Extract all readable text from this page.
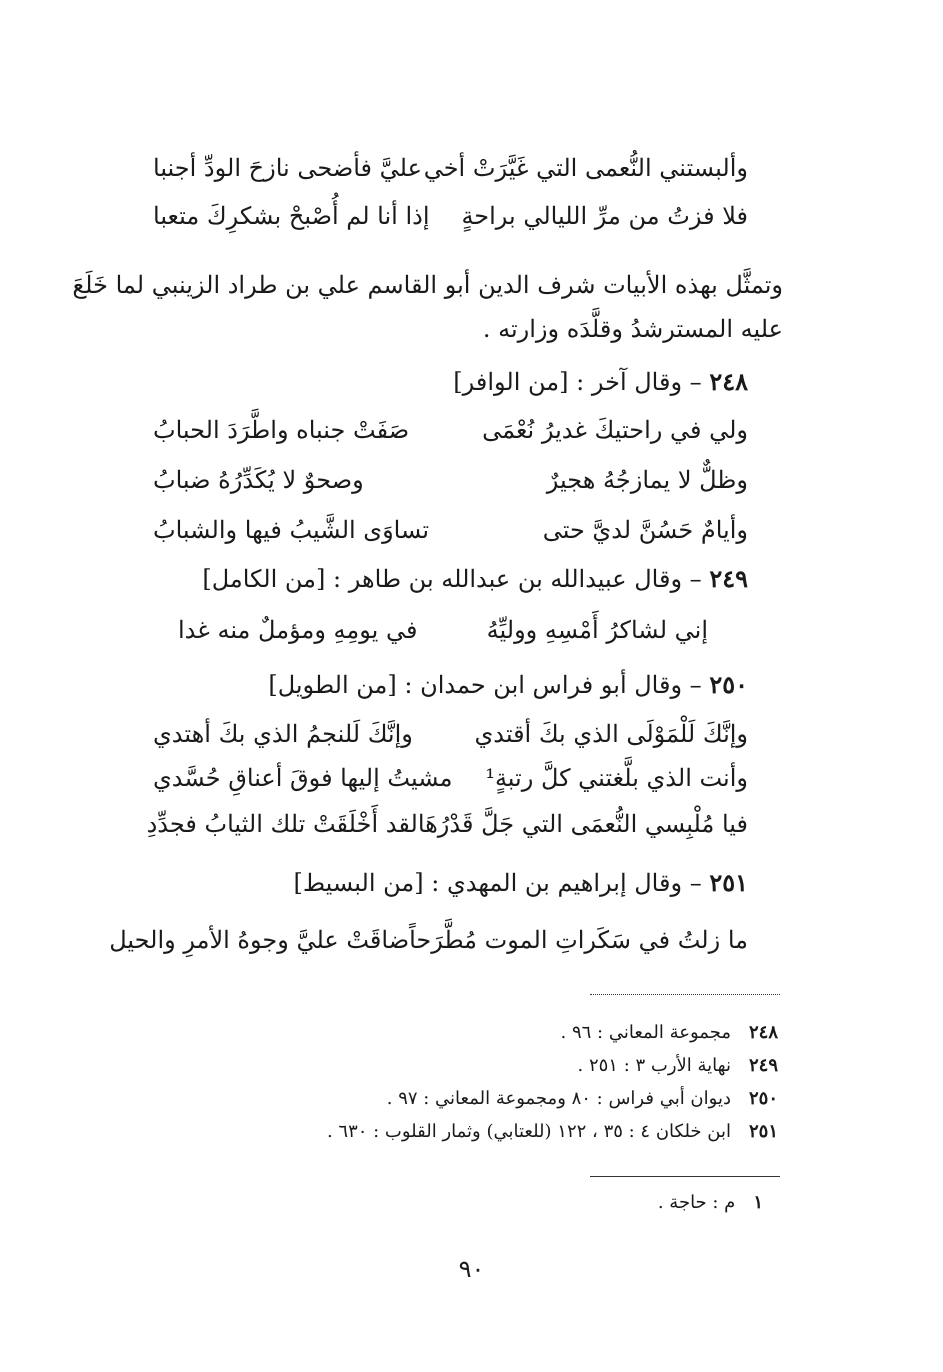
وألبستني النُّعمى التي غَيَّرَتْ أخي
عليَّ فأضحى نازحَ الودِّ أجنبا
فلا فزتُ من مرِّ الليالي براحةٍ
إذا أنا لم أُصْبحْ بشكرِكَ متعبا
وتمثَّل بهذه الأبيات شرف الدين أبو القاسم علي بن طراد الزينبي لما خَلَعَ
عليه المسترشدُ وقلَّدَه وزارته .
٢٤٨ – وقال آخر : [من الوافر]
ولي في راحتيكَ غديرُ نُعْمَى
صَفَتْ جنباه واطَّرَدَ الحبابُ
وظلٌّ لا يمازجُهُ هجيرٌ
وصحوٌ لا يُكَدِّرُهُ ضبابُ
وأيامٌ حَسُنَّ لديَّ حتى
تساوَى الشَّيبُ فيها والشبابُ
٢٤٩ – وقال عبيدالله بن عبدالله بن طاهر : [من الكامل]
إني لشاكرُ أَمْسِهِ ووليِّهُ
في يومِهِ ومؤملٌ منه غدا
٢٥٠ – وقال أبو فراس ابن حمدان : [من الطويل]
وإنَّكَ لَلْمَوْلَى الذي بكَ أقتدي
وإنَّكَ لَلنجمُ الذي بكَ أهتدي
وأنت الذي بلَّغتني كلَّ رتبةٍ¹
مشيتُ إليها فوقَ أعناقِ حُسَّدي
فيا مُلْبِسي النُّعمَى التي جَلَّ قَدْرُهَا
لقد أَخْلَقَتْ تلك الثيابُ فجدِّدِ
٢٥١ – وقال إبراهيم بن المهدي : [من البسيط]
ما زلتُ في سَكَراتِ الموت مُطَّرَحاً
ضاقَتْ عليَّ وجوهُ الأمرِ والحيل
٢٤٨مجموعة المعاني : ٩٦ .
٢٤٩نهاية الأرب ٣ : ٢٥١ .
٢٥٠ديوان أبي فراس : ٨٠ ومجموعة المعاني : ٩٧ .
٢٥١ابن خلكان ٤ : ٣٥ ، ١٢٢ (للعتابي) وثمار القلوب : ٦٣٠ .
١م : حاجة .
٩٠
